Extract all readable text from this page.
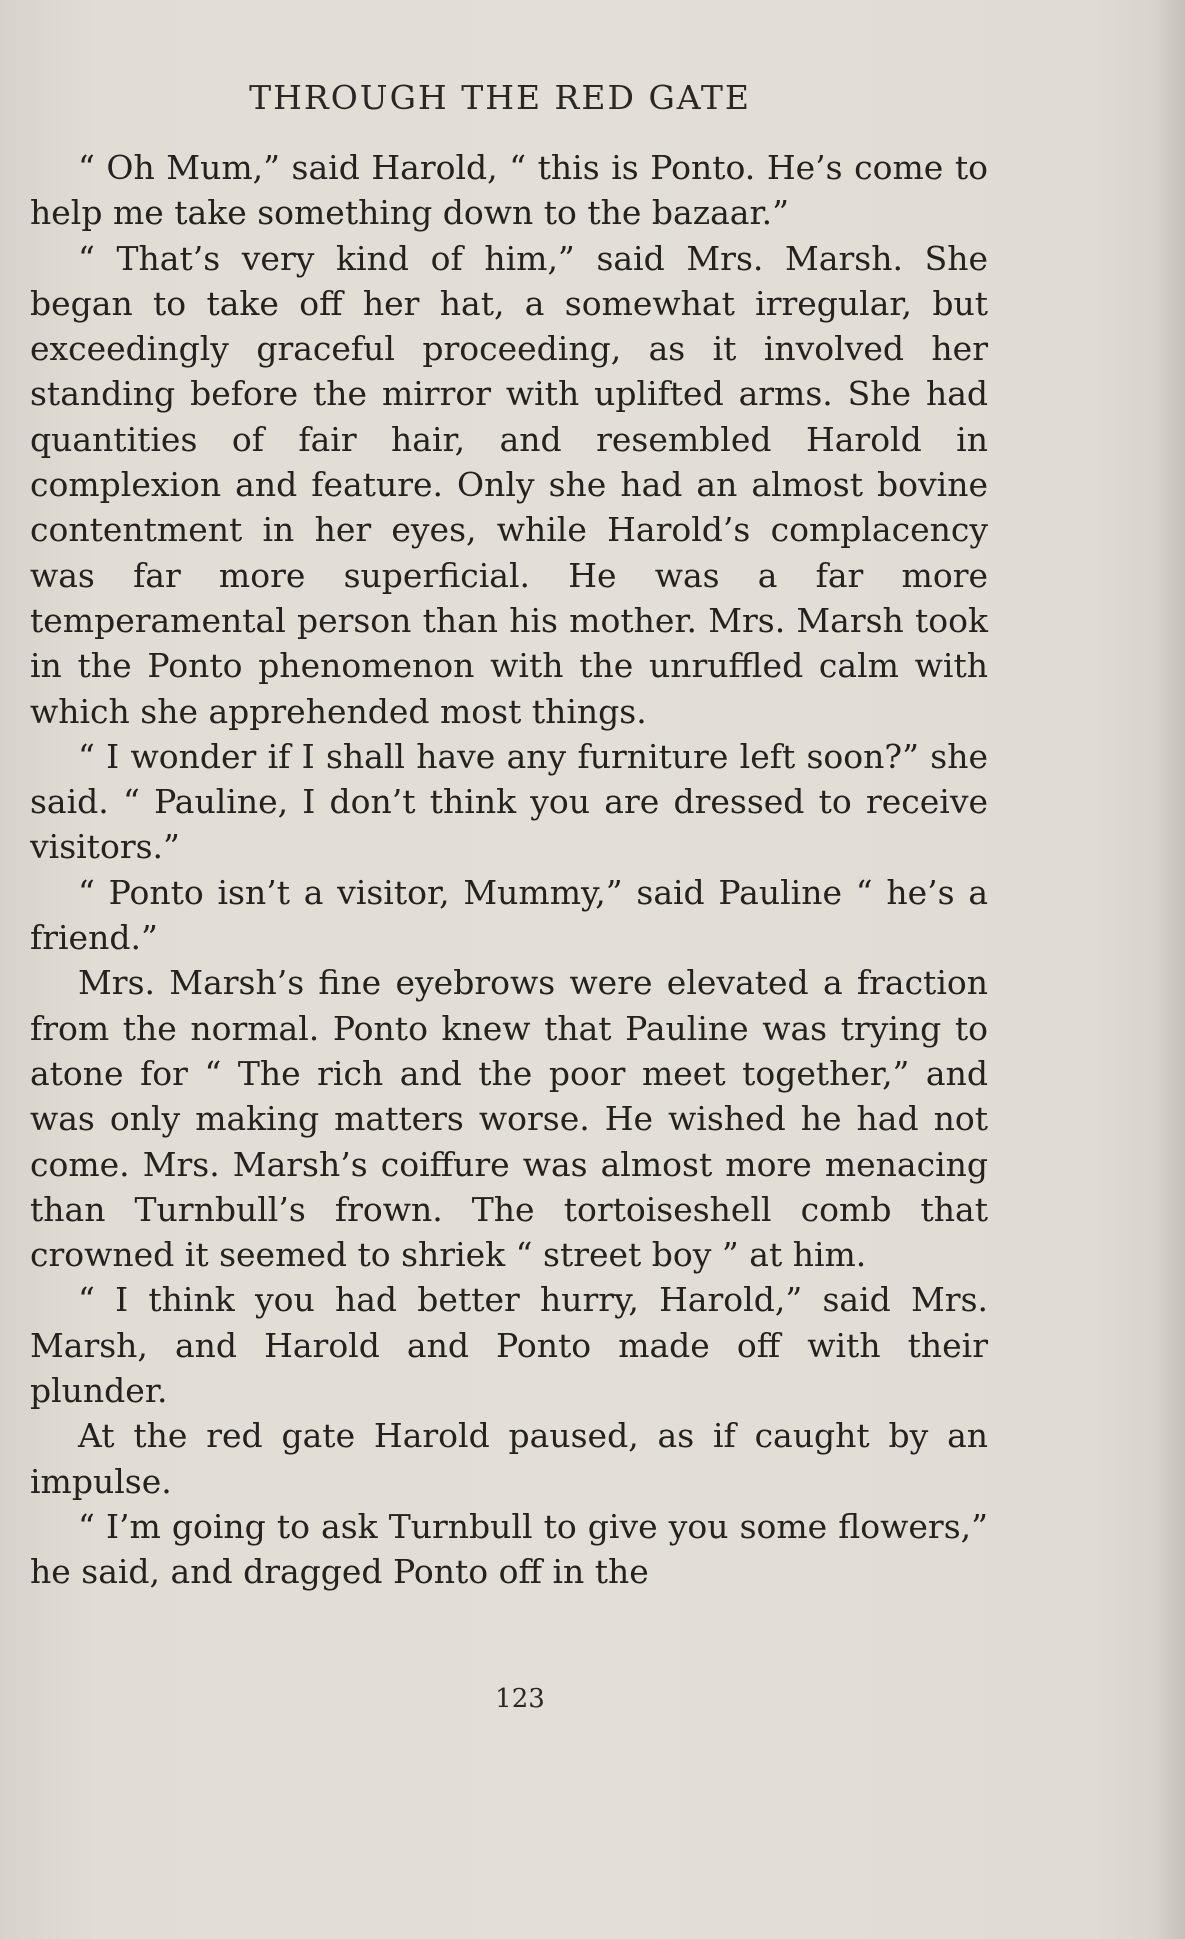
THROUGH THE RED GATE

“ Oh Mum,” said Harold, “ this is Ponto. He’s come to help me take something down to the bazaar.”

“ That’s very kind of him,” said Mrs. Marsh. She began to take off her hat, a somewhat irregular, but exceedingly graceful proceeding, as it involved her standing before the mirror with uplifted arms. She had quantities of fair hair, and resembled Harold in complexion and feature. Only she had an almost bovine contentment in her eyes, while Harold’s complacency was far more superficial. He was a far more temperamental person than his mother. Mrs. Marsh took in the Ponto phenomenon with the unruffled calm with which she apprehended most things.

“ I wonder if I shall have any furniture left soon?” she said. “ Pauline, I don’t think you are dressed to receive visitors.”

“ Ponto isn’t a visitor, Mummy,” said Pauline “ he’s a friend.”

Mrs. Marsh’s fine eyebrows were elevated a fraction from the normal. Ponto knew that Pauline was trying to atone for “ The rich and the poor meet together,” and was only making matters worse. He wished he had not come. Mrs. Marsh’s coiffure was almost more menacing than Turnbull’s frown. The tortoiseshell comb that crowned it seemed to shriek “ street boy ” at him.

“ I think you had better hurry, Harold,” said Mrs. Marsh, and Harold and Ponto made off with their plunder.

At the red gate Harold paused, as if caught by an impulse.

“ I’m going to ask Turnbull to give you some flowers,” he said, and dragged Ponto off in the

123
